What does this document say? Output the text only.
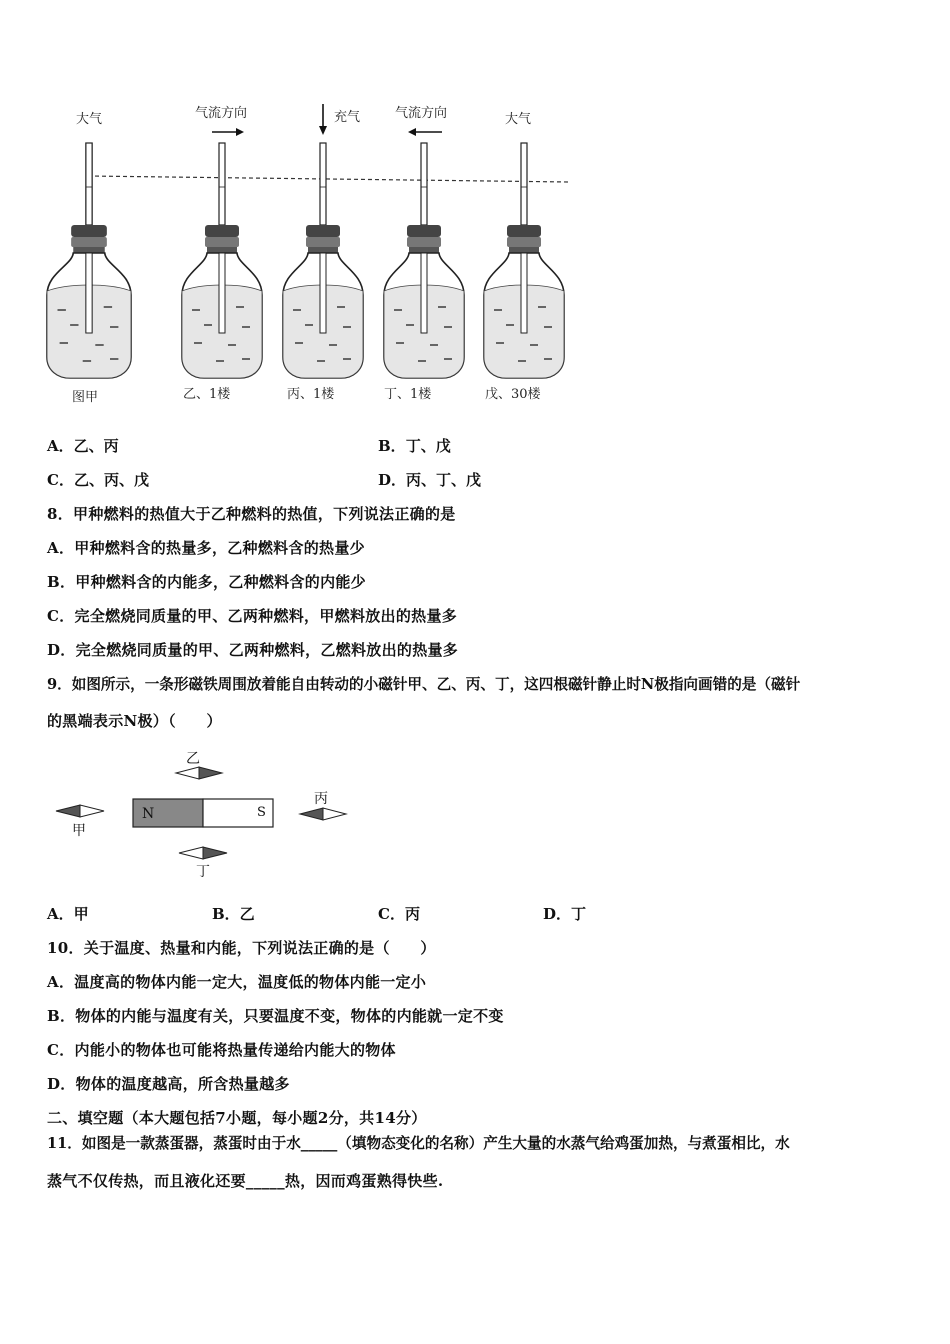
大气	气流方向	充气	气流方向	大气
图甲	乙、1楼	丙、1楼	丁、1楼	戊、30楼
A．乙、丙	B．丁、戊
C．乙、丙、戊	D．丙、丁、戊
8．甲种燃料的热值大于乙种燃料的热值，下列说法正确的是
A．甲种燃料含的热量多，乙种燃料含的热量少
B．甲种燃料含的内能多，乙种燃料含的内能少
C．完全燃烧同质量的甲、乙两种燃料，甲燃料放出的热量多
D．完全燃烧同质量的甲、乙两种燃料，乙燃料放出的热量多
9．如图所示，一条形磁铁周围放着能自由转动的小磁针甲、乙、丙、丁，这四根磁针静止时N极指向画错的是（磁针
的黑端表示N极）（　　）
N	S
乙
甲
丙
丁
A．甲	B．乙	C．丙	D．丁
10．关于温度、热量和内能，下列说法正确的是（　　）
A．温度高的物体内能一定大，温度低的物体内能一定小
B．物体的内能与温度有关，只要温度不变，物体的内能就一定不变
C．内能小的物体也可能将热量传递给内能大的物体
D．物体的温度越高，所含热量越多
二、填空题（本大题包括7小题，每小题2分，共14分）
11．如图是一款蒸蛋器，蒸蛋时由于水_____（填物态变化的名称）产生大量的水蒸气给鸡蛋加热，与煮蛋相比，水
蒸气不仅传热，而且液化还要_____热，因而鸡蛋熟得快些.
